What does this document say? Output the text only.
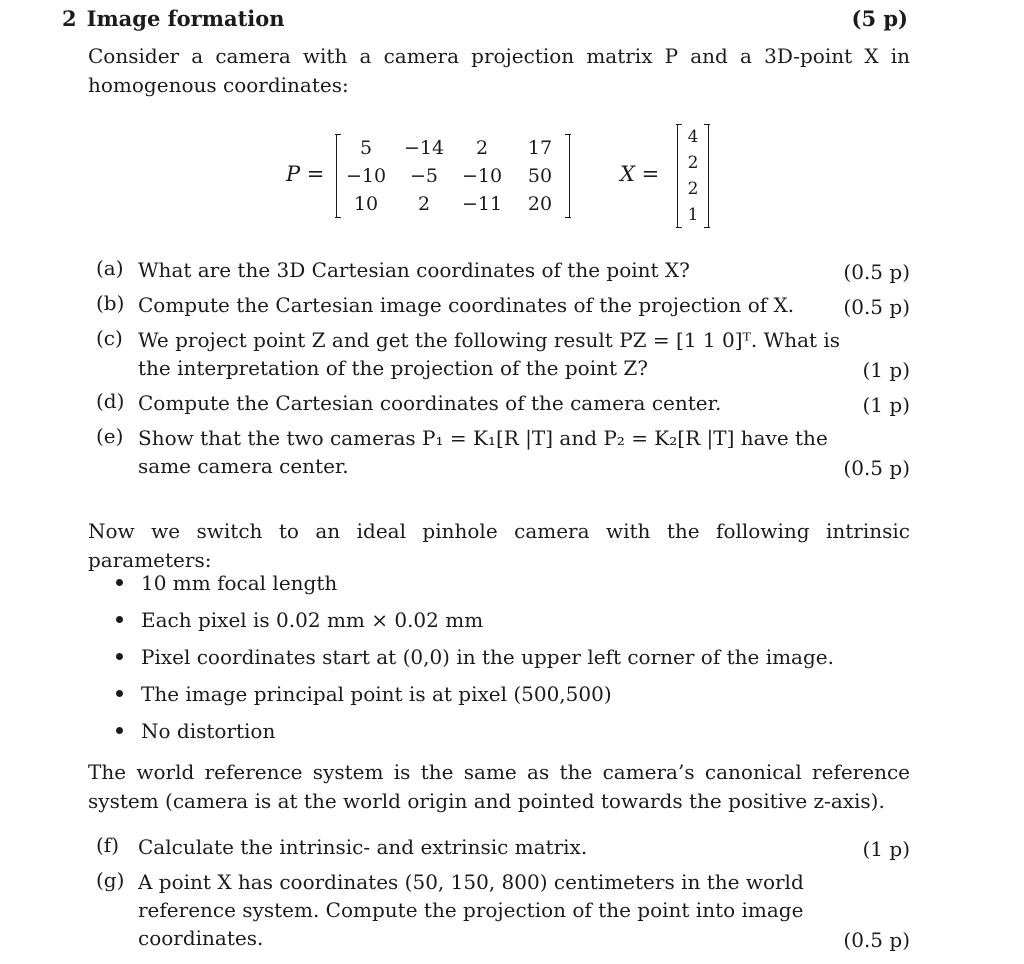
2 Image formation	(5 p)
Consider a camera with a camera projection matrix P and a 3D-point X in homogenous coordinates:
P =
5	−14	2	17
−10	−5	−10	50
10	2	−11	20
X =
4
2
2
1
(a) What are the 3D Cartesian coordinates of the point X?	(0.5 p)
(b) Compute the Cartesian image coordinates of the projection of X.	(0.5 p)
(c) We project point Z and get the following result PZ = [1 1 0]ᵀ. What is the interpretation of the projection of the point Z?	(1 p)
(d) Compute the Cartesian coordinates of the camera center.	(1 p)
(e) Show that the two cameras P₁ = K₁[R |T] and P₂ = K₂[R |T] have the same camera center.	(0.5 p)
Now we switch to an ideal pinhole camera with the following intrinsic parameters:
10 mm focal length
Each pixel is 0.02 mm × 0.02 mm
Pixel coordinates start at (0,0) in the upper left corner of the image.
The image principal point is at pixel (500,500)
No distortion
The world reference system is the same as the camera’s canonical reference system (camera is at the world origin and pointed towards the positive z-axis).
(f) Calculate the intrinsic- and extrinsic matrix.	(1 p)
(g) A point X has coordinates (50, 150, 800) centimeters in the world reference system. Compute the projection of the point into image coordinates.	(0.5 p)
